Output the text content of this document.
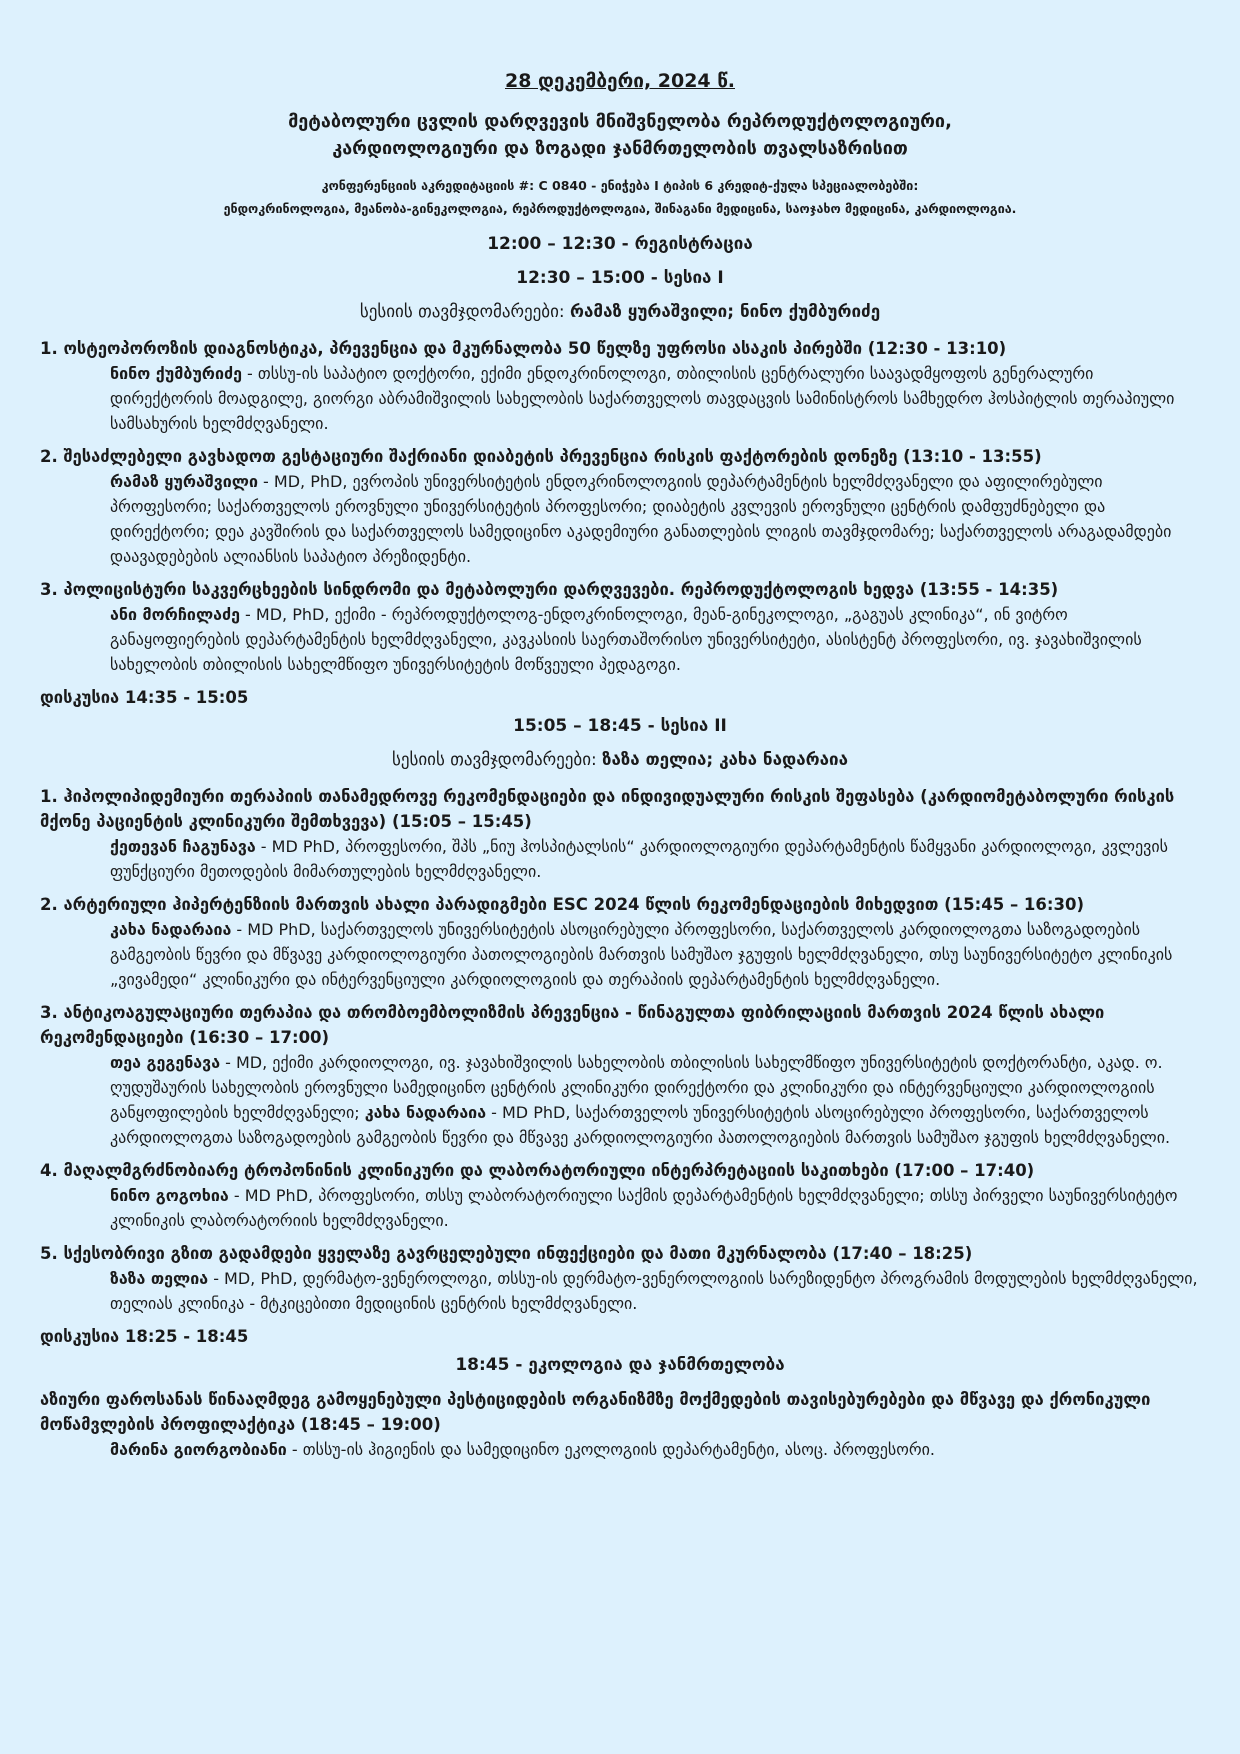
28 დეკემბერი, 2024 წ.
მეტაბოლური ცვლის დარღვევის მნიშვნელობა რეპროდუქტოლოგიური,
კარდიოლოგიური და ზოგადი ჯანმრთელობის თვალსაზრისით
კონფერენციის აკრედიტაციის #: C 0840 - ენიჭება I ტიპის 6 კრედიტ-ქულა სპეციალობებში:
ენდოკრინოლოგია, მეანობა-გინეკოლოგია, რეპროდუქტოლოგია, შინაგანი მედიცინა, საოჯახო მედიცინა, კარდიოლოგია.
12:00 – 12:30 - რეგისტრაცია
12:30 – 15:00 - სესია I
სესიის თავმჯდომარეები: რამაზ ყურაშვილი; ნინო ქუმბურიძე
1. ოსტეოპოროზის დიაგნოსტიკა, პრევენცია და მკურნალობა 50 წელზე უფროსი ასაკის პირებში (12:30 - 13:10)
ნინო ქუმბურიძე - თსსუ-ის საპატიო დოქტორი, ექიმი ენდოკრინოლოგი, თბილისის ცენტრალური საავადმყოფოს გენერალური დირექტორის მოადგილე, გიორგი აბრამიშვილის სახელობის საქართველოს თავდაცვის სამინისტროს სამხედრო ჰოსპიტლის თერაპიული სამსახურის ხელმძღვანელი.
2. შესაძლებელი გავხადოთ გესტაციური შაქრიანი დიაბეტის პრევენცია რისკის ფაქტორების დონეზე (13:10 - 13:55)
რამაზ ყურაშვილი - MD, PhD, ევროპის უნივერსიტეტის ენდოკრინოლოგიის დეპარტამენტის ხელმძღვანელი და აფილირებული პროფესორი; საქართველოს ეროვნული უნივერსიტეტის პროფესორი; დიაბეტის კვლევის ეროვნული ცენტრის დამფუძნებელი და დირექტორი; დეა კავშირის და საქართველოს სამედიცინო აკადემიური განათლების ლიგის თავმჯდომარე; საქართველოს არაგადამდები დაავადებების ალიანსის საპატიო პრეზიდენტი.
3. პოლიცისტური საკვერცხეების სინდრომი და მეტაბოლური დარღვევები. რეპროდუქტოლოგის ხედვა (13:55 - 14:35)
ანი მორჩილაძე - MD, PhD, ექიმი - რეპროდუქტოლოგ-ენდოკრინოლოგი, მეან-გინეკოლოგი, „გაგუას კლინიკა“, ინ ვიტრო განაყოფიერების დეპარტამენტის ხელმძღვანელი, კავკასიის საერთაშორისო უნივერსიტეტი, ასისტენტ პროფესორი, ივ. ჯავახიშვილის სახელობის თბილისის სახელმწიფო უნივერსიტეტის მოწვეული პედაგოგი.
დისკუსია 14:35 - 15:05
15:05 – 18:45 - სესია II
სესიის თავმჯდომარეები: ზაზა თელია; კახა ნადარაია
1. ჰიპოლიპიდემიური თერაპიის თანამედროვე რეკომენდაციები და ინდივიდუალური რისკის შეფასება (კარდიომეტაბოლური რისკის მქონე პაციენტის კლინიკური შემთხვევა) (15:05 – 15:45)
ქეთევან ჩაგუნავა - MD PhD, პროფესორი, შპს „ნიუ ჰოსპიტალსის“ კარდიოლოგიური დეპარტამენტის წამყვანი კარდიოლოგი, კვლევის ფუნქციური მეთოდების მიმართულების ხელმძღვანელი.
2. არტერიული ჰიპერტენზიის მართვის ახალი პარადიგმები ESC 2024 წლის რეკომენდაციების მიხედვით (15:45 – 16:30)
კახა ნადარაია - MD PhD, საქართველოს უნივერსიტეტის ასოცირებული პროფესორი, საქართველოს კარდიოლოგთა საზოგადოების გამგეობის წევრი და მწვავე კარდიოლოგიური პათოლოგიების მართვის სამუშაო ჯგუფის ხელმძღვანელი, თსუ საუნივერსიტეტო კლინიკის „ვივამედი“ კლინიკური და ინტერვენციული კარდიოლოგიის და თერაპიის დეპარტამენტის ხელმძღვანელი.
3. ანტიკოაგულაციური თერაპია და თრომბოემბოლიზმის პრევენცია - წინაგულთა ფიბრილაციის მართვის 2024 წლის ახალი რეკომენდაციები (16:30 – 17:00)
თეა გეგენავა - MD, ექიმი კარდიოლოგი, ივ. ჯავახიშვილის სახელობის თბილისის სახელმწიფო უნივერსიტეტის დოქტორანტი, აკად. ო. ღუდუშაურის სახელობის ეროვნული სამედიცინო ცენტრის კლინიკური დირექტორი და კლინიკური და ინტერვენციული კარდიოლოგიის განყოფილების ხელმძღვანელი; კახა ნადარაია - MD PhD, საქართველოს უნივერსიტეტის ასოცირებული პროფესორი, საქართველოს კარდიოლოგთა საზოგადოების გამგეობის წევრი და მწვავე კარდიოლოგიური პათოლოგიების მართვის სამუშაო ჯგუფის ხელმძღვანელი.
4. მაღალმგრძნობიარე ტროპონინის კლინიკური და ლაბორატორიული ინტერპრეტაციის საკითხები (17:00 – 17:40)
ნინო გოგოხია - MD PhD, პროფესორი, თსსუ ლაბორატორიული საქმის დეპარტამენტის ხელმძღვანელი; თსსუ პირველი საუნივერსიტეტო კლინიკის ლაბორატორიის ხელმძღვანელი.
5. სქესობრივი გზით გადამდები ყველაზე გავრცელებული ინფექციები და მათი მკურნალობა (17:40 – 18:25)
ზაზა თელია - MD, PhD, დერმატო-ვენეროლოგი, თსსუ-ის დერმატო-ვენეროლოგიის სარეზიდენტო პროგრამის მოდულების ხელმძღვანელი, თელიას კლინიკა - მტკიცებითი მედიცინის ცენტრის ხელმძღვანელი.
დისკუსია 18:25 - 18:45
18:45 - ეკოლოგია და ჯანმრთელობა
აზიური ფაროსანას წინააღმდეგ გამოყენებული პესტიციდების ორგანიზმზე მოქმედების თავისებურებები და მწვავე და ქრონიკული მოწამვლების პროფილაქტიკა (18:45 – 19:00)
მარინა გიორგობიანი - თსსუ-ის ჰიგიენის და სამედიცინო ეკოლოგიის დეპარტამენტი, ასოც. პროფესორი.
